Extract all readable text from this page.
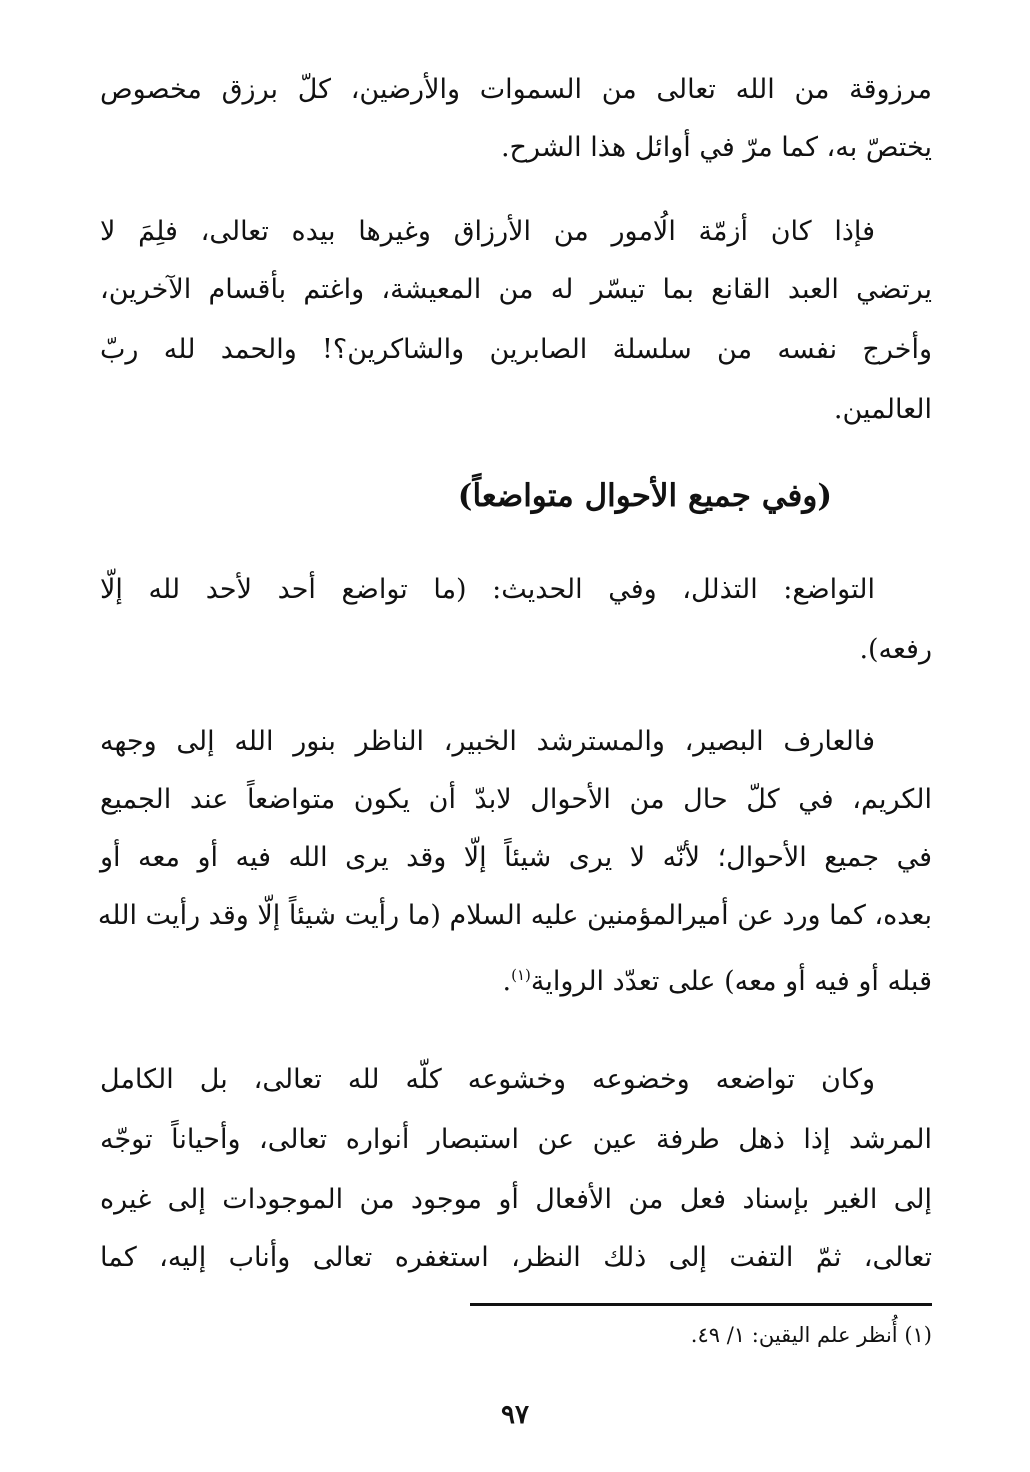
مرزوقة من الله تعالى من السموات والأرضين، كلّ برزق مخصوص
يختصّ به، كما مرّ في أوائل هذا الشرح.
فإذا كان أزمّة الُامور من الأرزاق وغيرها بيده تعالى، فلِمَ لا
يرتضي العبد القانع بما تيسّر له من المعيشة، واغتم بأقسام الآخرين،
وأخرج نفسه من سلسلة الصابرين والشاكرين؟! والحمد لله ربّ
العالمين.
(وفي جميع الأحوال متواضعاً)
التواضع: التذلل، وفي الحديث: (ما تواضع أحد لأحد لله إلّا
رفعه).
فالعارف البصير، والمسترشد الخبير، الناظر بنور الله إلى وجهه
الكريم، في كلّ حال من الأحوال لابدّ أن يكون متواضعاً عند الجميع
في جميع الأحوال؛ لأنّه لا يرى شيئاً إلّا وقد يرى الله فيه أو معه أو
بعده، كما ورد عن أميرالمؤمنين عليه السلام (ما رأيت شيئاً إلّا وقد رأيت الله
قبله أو فيه أو معه) على تعدّد الرواية$^{(١)}$.
وكان تواضعه وخضوعه وخشوعه كلّه لله تعالى، بل الكامل
المرشد إذا ذهل طرفة عين عن استبصار أنواره تعالى، وأحياناً توجّه
إلى الغير بإسناد فعل من الأفعال أو موجود من الموجودات إلى غيره
تعالى، ثمّ التفت إلى ذلك النظر، استغفره تعالى وأناب إليه، كما
(١) أُنظر علم اليقين: ١/ ٤٩.
٩٧
